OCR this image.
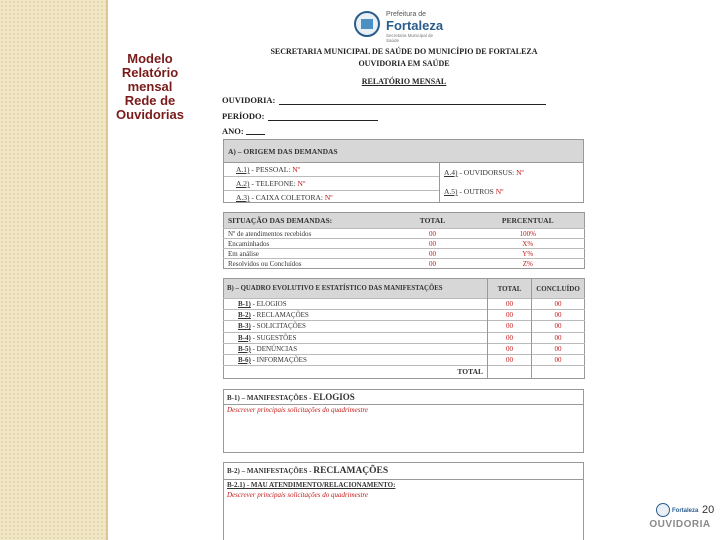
Modelo
Relatório
mensal
Rede de
Ouvidorias
Prefeitura de
Fortaleza
Secretaria Municipal de Saúde
SECRETARIA MUNICIPAL DE SAÚDE DO MUNICÍPIO DE FORTALEZA
OUVIDORIA EM SAÚDE
RELATÓRIO MENSAL
OUVIDORIA:
PERÍODO:
ANO:
A) – ORIGEM DAS DEMANDAS
A.1) - PESSOAL: Nº
A.2) - TELEFONE: Nº
A.3) - CAIXA COLETORA: Nº
A.4) - OUVIDORSUS: Nº
A.5) - OUTROS Nº
SITUAÇÃO DAS DEMANDAS:	TOTAL	PERCENTUAL
Nº de atendimentos recebidos	00	100%
Encaminhados	00	X%
Em análise	00	Y%
Resolvidos ou Concluídos	00	Z%
B) – QUADRO EVOLUTIVO E ESTATÍSTICO DAS MANIFESTAÇÕES	TOTAL	CONCLUÍDO
B-1) - ELOGIOS	00	00
B-2) - RECLAMAÇÕES	00	00
B-3) - SOLICITAÇÕES	00	00
B-4) - SUGESTÕES	00	00
B-5) - DENÚNCIAS	00	00
B-6) - INFORMAÇÕES	00	00
TOTAL		
B-1) – MANIFESTAÇÕES - ELOGIOS
Descrever principais solicitações do quadrimestre
B-2) – MANIFESTAÇÕES - RECLAMAÇÕES
B-2.1) - MAU ATENDIMENTO/RELACIONAMENTO:
Descrever principais solicitações do quadrimestre
Fortaleza
OUVIDORIA
20
